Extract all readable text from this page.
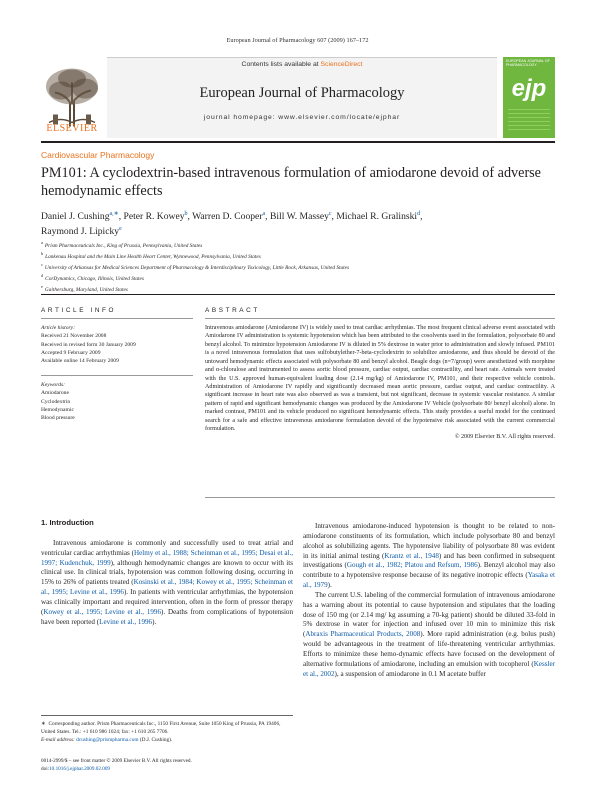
European Journal of Pharmacology 607 (2009) 167–172
ELSEVIER
Contents lists available at ScienceDirect
European Journal of Pharmacology
journal homepage: www.elsevier.com/locate/ejphar
EUROPEAN JOURNAL OF PHARMACOLOGY
ejp
Cardiovascular Pharmacology
PM101: A cyclodextrin-based intravenous formulation of amiodarone devoid of adverse hemodynamic effects
Daniel J. Cushing$^{a,∗}$, Peter R. Kowey$^b$, Warren D. Cooper$^a$, Bill W. Massey$^c$, Michael R. Gralinski$^d$,
Raymond J. Lipicky$^e$
$^a$Prism Pharmaceuticals Inc., King of Prussia, Pennsylvania, United States
$^b$Lankenau Hospital and the Main Line Health Heart Center, Wynnewood, Pennsylvania, United States
$^c$University of Arkansas for Medical Sciences Department of Pharmacology & Interdisciplinary Toxicology, Little Rock, Arkansas, United States
$^d$CorDynamics, Chicago, Illinois, United States
$^e$Gaithersburg, Maryland, United States
ARTICLE INFO	ABSTRACT
Article history:
Received 21 November 2008
Received in revised form 30 January 2009
Accepted 9 February 2009
Available online 14 February 2009
Keywords:
Amiodarone
Cyclodextrin
Hemodynamic
Blood pressure
Intravenous amiodarone (Amiodarone IV) is widely used to treat cardiac arrhythmias. The most frequent clinical adverse event associated with Amiodarone IV administration is systemic hypotension which has been attributed to the cosolvents used in the formulation, polysorbate 80 and benzyl alcohol. To minimize hypotension Amiodarone IV is diluted in 5% dextrose in water prior to administration and slowly infused. PM101 is a novel intravenous formulation that uses sulfobutylether-7-beta-cyclodextrin to solubilize amiodarone, and thus should be devoid of the untoward hemodynamic effects associated with polysorbate 80 and benzyl alcohol. Beagle dogs (n=7/group) were anesthetized with morphine and α-chloralose and instrumented to assess aortic blood pressure, cardiac output, cardiac contractility, and heart rate. Animals were treated with the U.S. approved human-equivalent loading dose (2.14 mg/kg) of Amiodarone IV, PM101, and their respective vehicle controls. Administration of Amiodarone IV rapidly and significantly decreased mean aortic pressure, cardiac output, and cardiac contractility. A significant increase in heart rate was also observed as was a transient, but not significant, decrease in systemic vascular resistance. A similar pattern of rapid and significant hemodynamic changes was produced by the Amiodarone IV Vehicle (polysorbate 80/ benzyl alcohol) alone. In marked contrast, PM101 and its vehicle produced no significant hemodynamic effects. This study provides a useful model for the continued search for a safe and effective intravenous amiodarone formulation devoid of the hypotensive risk associated with the current commercial formulation.
© 2009 Elsevier B.V. All rights reserved.
1. Introduction

Intravenous amiodarone is commonly and successfully used to treat atrial and ventricular cardiac arrhythmias (Helmy et al., 1988; Scheinman et al., 1995; Desai et al., 1997; Kudenchuk, 1999), although hemodynamic changes are known to occur with its clinical use. In clinical trials, hypotension was common following dosing, occurring in 15% to 26% of patients treated (Kosinski et al., 1984; Kowey et al., 1995; Scheinman et al., 1995; Levine et al., 1996). In patients with ventricular arrhythmias, the hypotension was clinically important and required intervention, often in the form of pressor therapy (Kowey et al., 1995; Levine et al., 1996). Deaths from complications of hypotension have been reported (Levine et al., 1996).

Intravenous amiodarone-induced hypotension is thought to be related to non-amiodarone constituents of its formulation, which include polysorbate 80 and benzyl alcohol as solubilizing agents. The hypotensive liability of polysorbate 80 was evident in its initial animal testing (Krantz et al., 1948) and has been confirmed in subsequent investigations (Gough et al., 1982; Platou and Refsum, 1986). Benzyl alcohol may also contribute to a hypotensive response because of its negative inotropic effects (Yasaka et al., 1979).

The current U.S. labeling of the commercial formulation of intravenous amiodarone has a warning about its potential to cause hypotension and stipulates that the loading dose of 150 mg (or 2.14 mg/ kg assuming a 70-kg patient) should be diluted 33-fold in 5% dextrose in water for injection and infused over 10 min to minimize this risk (Abraxis Pharmaceutical Products, 2008). More rapid administration (e.g. bolus push) would be advantageous in the treatment of life-threatening ventricular arrhythmias. Efforts to minimize these hemo-dynamic effects have focused on the development of alternative formulations of amiodarone, including an emulsion with tocopherol (Kessler et al., 2002), a suspension of amiodarone in 0.1 M acetate buffer

∗ Corresponding author. Prism Pharmaceuticals Inc., 1150 First Avenue, Suite 1050 King of Prussia, PA 19406, United States. Tel.: +1 610 986 1024; fax: +1 610 265 7706.
E-mail address: dcushing@prismpharma.com (D.J. Cushing).
0014-2999/$ – see front matter © 2009 Elsevier B.V. All rights reserved.
doi:10.1016/j.ejphar.2009.02.009
